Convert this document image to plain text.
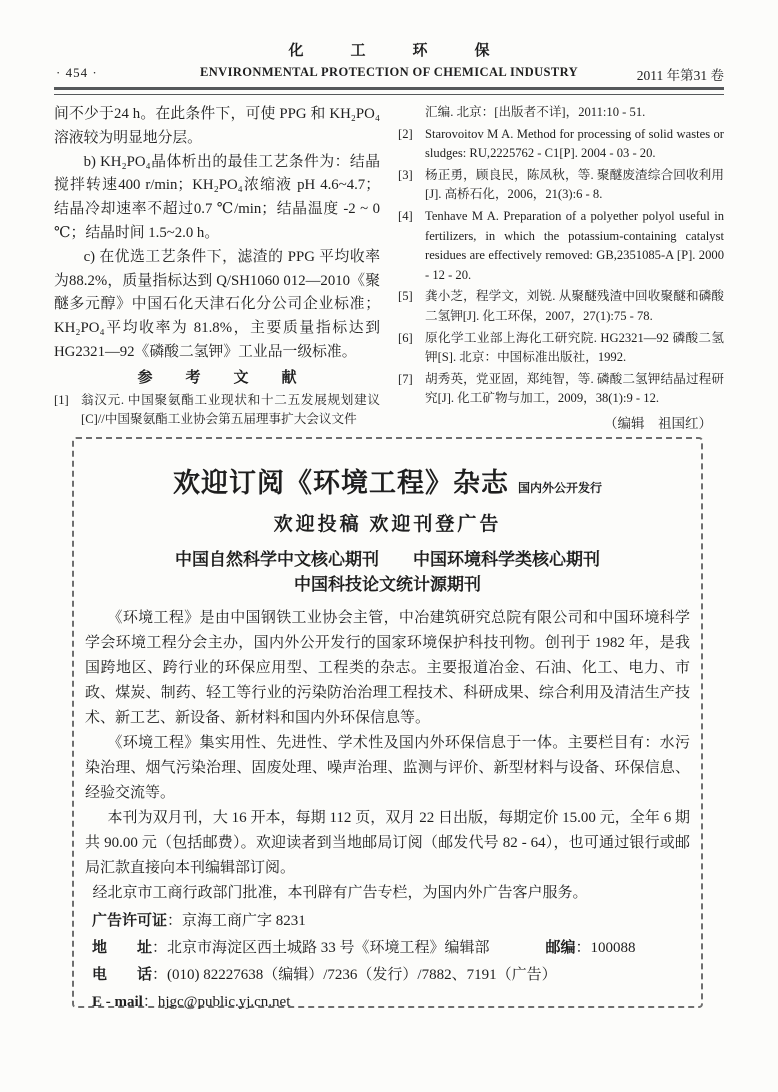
化　工　环　保
· 454 ·	ENVIRONMENTAL PROTECTION OF CHEMICAL INDUSTRY	2011 年第31 卷

间不少于24 h。在此条件下，可使 PPG 和 KH₂PO₄溶液较为明显地分层。

b) KH₂PO₄晶体析出的最佳工艺条件为：结晶搅拌转速400 r/min；KH₂PO₄浓缩液 pH 4.6~4.7；结晶冷却速率不超过0.7 ℃/min；结晶温度 -2 ~ 0 ℃；结晶时间 1.5~2.0 h。

c) 在优选工艺条件下，滤渣的 PPG 平均收率为88.2%，质量指标达到 Q/SH1060 012—2010《聚醚多元醇》中国石化天津石化分公司企业标准；KH₂PO₄平均收率为 81.8%，主要质量指标达到HG2321—92《磷酸二氢钾》工业品一级标准。

参　考　文　献
[1] 翁汉元. 中国聚氨酯工业现状和十二五发展规划建议[C]//中国聚氨酯工业协会第五届理事扩大会议文件
汇编. 北京：[出版者不详]，2011:10 - 51.
[2] Starovoitov M A. Method for processing of solid wastes or sludges: RU,2225762 - C1[P]. 2004 - 03 - 20.
[3] 杨正勇，顾良民，陈凤秋，等. 聚醚废渣综合回收利用[J]. 高桥石化，2006，21(3):6 - 8.
[4] Tenhave M A. Preparation of a polyether polyol useful in fertilizers, in which the potassium-containing catalyst residues are effectively removed: GB,2351085-A [P]. 2000 - 12 - 20.
[5] 龚小芝，程学文，刘锐. 从聚醚残渣中回收聚醚和磷酸二氢钾[J]. 化工环保，2007，27(1):75 - 78.
[6] 原化学工业部上海化工研究院. HG2321—92 磷酸二氢钾[S]. 北京：中国标准出版社，1992.
[7] 胡秀英，党亚固，郑纯智，等. 磷酸二氢钾结晶过程研究[J]. 化工矿物与加工，2009，38(1):9 - 12.
（编辑　祖国红）
欢迎订阅《环境工程》杂志 国内外公开发行
欢迎投稿 欢迎刊登广告
中国自然科学中文核心期刊　　中国环境科学类核心期刊
中国科技论文统计源期刊

《环境工程》是由中国钢铁工业协会主管，中冶建筑研究总院有限公司和中国环境科学学会环境工程分会主办，国内外公开发行的国家环境保护科技刊物。创刊于 1982 年，是我国跨地区、跨行业的环保应用型、工程类的杂志。主要报道冶金、石油、化工、电力、市政、煤炭、制药、轻工等行业的污染防治治理工程技术、科研成果、综合利用及清洁生产技术、新工艺、新设备、新材料和国内外环保信息等。

《环境工程》集实用性、先进性、学术性及国内外环保信息于一体。主要栏目有：水污染治理、烟气污染治理、固废处理、噪声治理、监测与评价、新型材料与设备、环保信息、经验交流等。

本刊为双月刊，大 16 开本，每期 112 页，双月 22 日出版，每期定价 15.00 元，全年 6 期共 90.00 元（包括邮费）。欢迎读者到当地邮局订阅（邮发代号 82 - 64），也可通过银行或邮局汇款直接向本刊编辑部订阅。

经北京市工商行政部门批准，本刊辟有广告专栏，为国内外广告客户服务。

广告许可证：京海工商广字 8231

地　　址：北京市海淀区西土城路 33 号《环境工程》编辑部	邮编：100088

电　　话：(010) 82227638（编辑）/7236（发行）/7882、7191（广告）

E - mail：hjgc@public.yj.cn.net
